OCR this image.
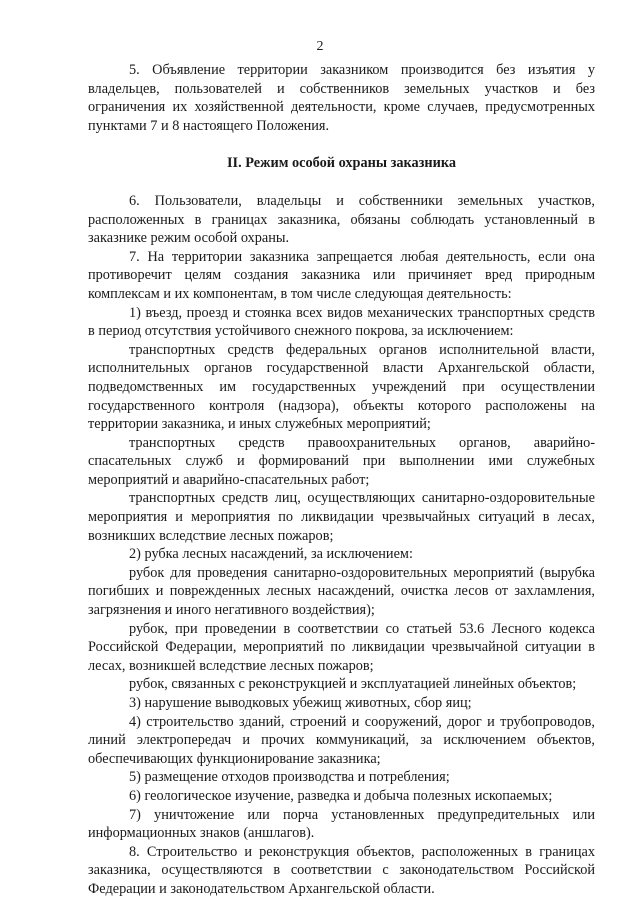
2

5. Объявление территории заказником производится без изъятия у владельцев, пользователей и собственников земельных участков и без ограничения их хозяйственной деятельности, кроме случаев, предусмотренных пунктами 7 и 8 настоящего Положения.

II. Режим особой охраны заказника

6. Пользователи, владельцы и собственники земельных участков, расположенных в границах заказника, обязаны соблюдать установленный в заказнике режим особой охраны.

7. На территории заказника запрещается любая деятельность, если она противоречит целям создания заказника или причиняет вред природным комплексам и их компонентам, в том числе следующая деятельность:

1) въезд, проезд и стоянка всех видов механических транспортных средств в период отсутствия устойчивого снежного покрова, за исключением:

транспортных средств федеральных органов исполнительной власти, исполнительных органов государственной власти Архангельской области, подведомственных им государственных учреждений при осуществлении государственного контроля (надзора), объекты которого расположены на территории заказника, и иных служебных мероприятий;

транспортных средств правоохранительных органов, аварийно-спасательных служб и формирований при выполнении ими служебных мероприятий и аварийно-спасательных работ;

транспортных средств лиц, осуществляющих санитарно-оздоровительные мероприятия и мероприятия по ликвидации чрезвычайных ситуаций в лесах, возникших вследствие лесных пожаров;

2) рубка лесных насаждений, за исключением:

рубок для проведения санитарно-оздоровительных мероприятий (вырубка погибших и поврежденных лесных насаждений, очистка лесов от захламления, загрязнения и иного негативного воздействия);

рубок, при проведении в соответствии со статьей 53.6 Лесного кодекса Российской Федерации, мероприятий по ликвидации чрезвычайной ситуации в лесах, возникшей вследствие лесных пожаров;

рубок, связанных с реконструкцией и эксплуатацией линейных объектов;

3) нарушение выводковых убежищ животных, сбор яиц;

4) строительство зданий, строений и сооружений, дорог и трубопроводов, линий электропередач и прочих коммуникаций, за исключением объектов, обеспечивающих функционирование заказника;

5) размещение отходов производства и потребления;

6) геологическое изучение, разведка и добыча полезных ископаемых;

7) уничтожение или порча установленных предупредительных или информационных знаков (аншлагов).

8. Строительство и реконструкция объектов, расположенных в границах заказника, осуществляются в соответствии с законодательством Российской Федерации и законодательством Архангельской области.
